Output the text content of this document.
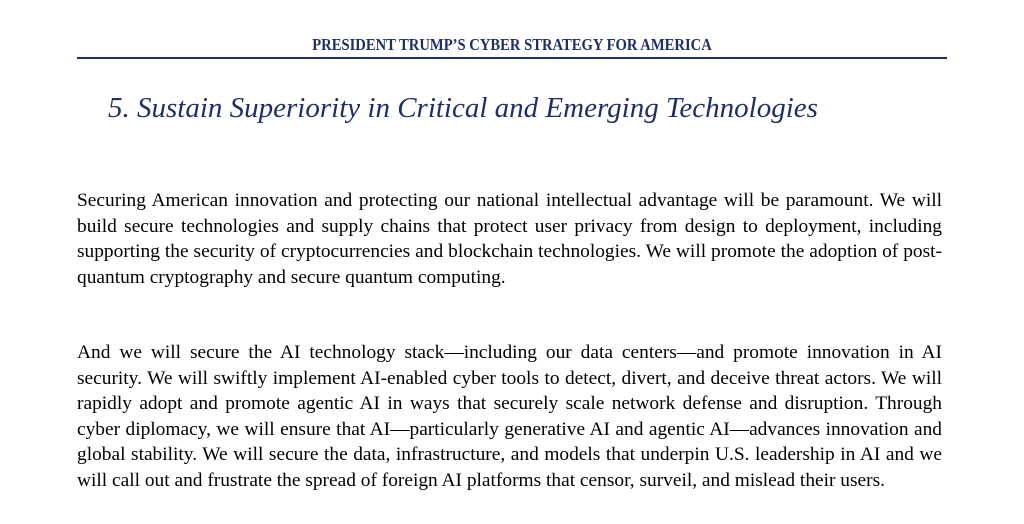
PRESIDENT TRUMP’S CYBER STRATEGY FOR AMERICA
5. Sustain Superiority in Critical and Emerging Technologies

Securing American innovation and protecting our national intellectual advantage will be paramount. We will build secure technologies and supply chains that protect user privacy from design to deployment, including supporting the security of cryptocurrencies and blockchain technologies. We will promote the adoption of post-quantum cryptography and secure quantum computing.

And we will secure the AI technology stack—including our data centers—and promote innovation in AI security. We will swiftly implement AI-enabled cyber tools to detect, divert, and deceive threat actors. We will rapidly adopt and promote agentic AI in ways that securely scale network defense and disruption. Through cyber diplomacy, we will ensure that AI—particularly generative AI and agentic AI—advances innovation and global stability. We will secure the data, infrastructure, and models that underpin U.S. leadership in AI and we will call out and frustrate the spread of foreign AI platforms that censor, surveil, and mislead their users.
